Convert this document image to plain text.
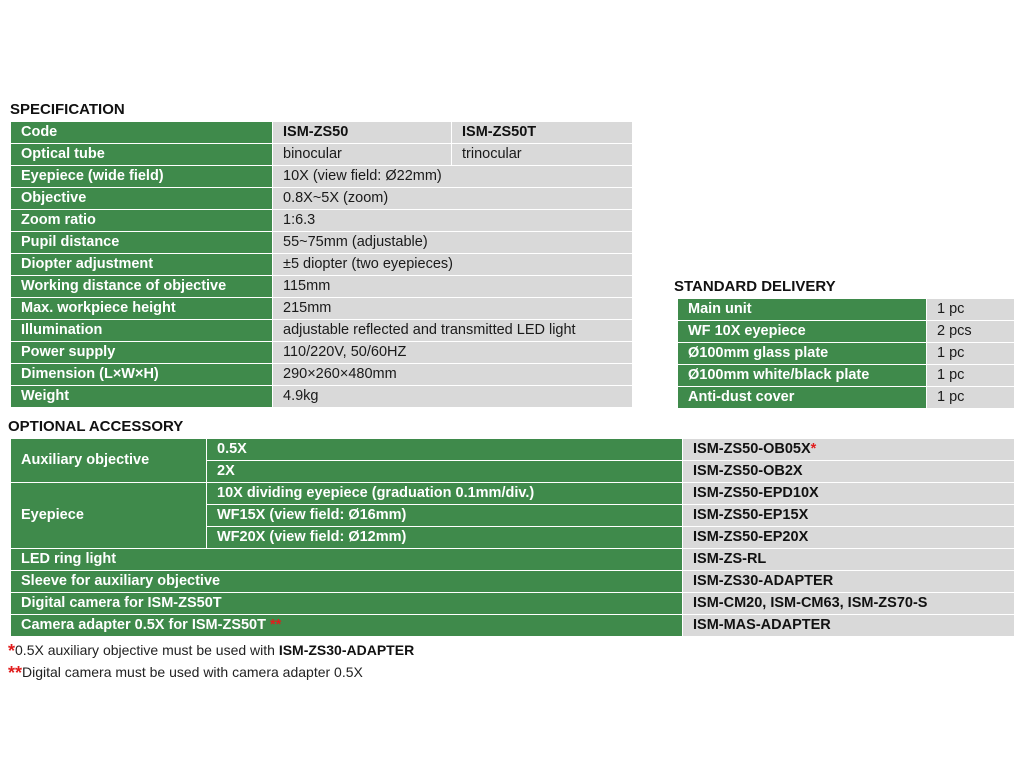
SPECIFICATION
Code	ISM-ZS50	ISM-ZS50T
Optical tube	binocular	trinocular
Eyepiece (wide field)	10X (view field: Ø22mm)	
Objective	0.8X~5X (zoom)	
Zoom ratio	1:6.3	
Pupil distance	55~75mm (adjustable)	
Diopter adjustment	±5 diopter (two eyepieces)	
Working distance of objective	115mm	
Max. workpiece height	215mm	
Illumination	adjustable reflected and transmitted LED light	
Power supply	110/220V, 50/60HZ	
Dimension (L×W×H)	290×260×480mm	
Weight	4.9kg	
STANDARD DELIVERY
Main unit	1 pc
WF 10X eyepiece	2 pcs
Ø100mm glass plate	1 pc
Ø100mm white/black plate	1 pc
Anti-dust cover	1 pc
OPTIONAL ACCESSORY
Auxiliary objective	0.5X	ISM-ZS50-OB05X*
	2X	ISM-ZS50-OB2X
Eyepiece	10X dividing eyepiece (graduation 0.1mm/div.)	ISM-ZS50-EPD10X
	WF15X (view field: Ø16mm)	ISM-ZS50-EP15X
	WF20X (view field: Ø12mm)	ISM-ZS50-EP20X
LED ring light		ISM-ZS-RL
Sleeve for auxiliary objective		ISM-ZS30-ADAPTER
Digital camera for ISM-ZS50T		ISM-CM20, ISM-CM63, ISM-ZS70-S
Camera adapter 0.5X for ISM-ZS50T **		ISM-MAS-ADAPTER
*0.5X auxiliary objective must be used with ISM-ZS30-ADAPTER
**Digital camera must be used with camera adapter 0.5X
